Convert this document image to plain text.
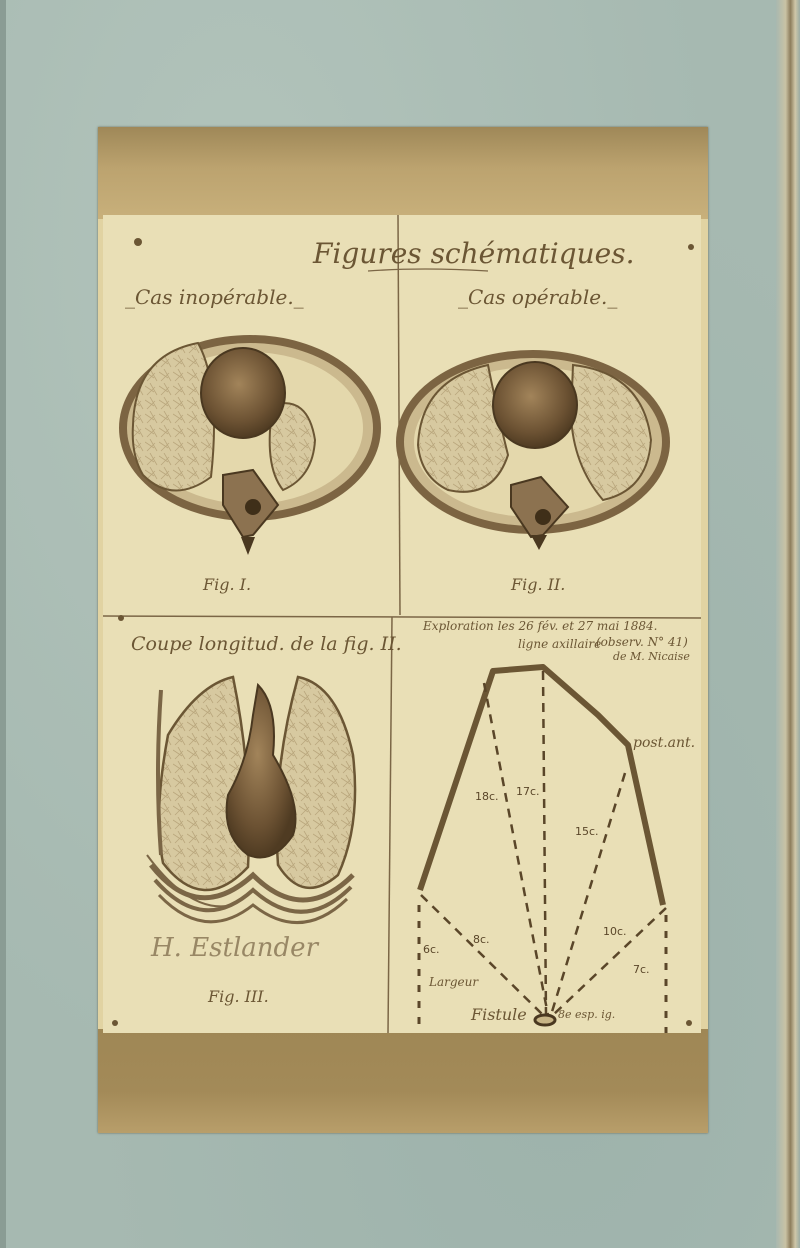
Figures schématiques.
_Cas inopérable._	_Cas opérable._
Fig. I.	Fig. II.
Coupe longitud. de la fig. II.
Fig. III.
H. Estlander
Exploration les 26 fév. et 27 mai 1884.
ligne axillaire
(observ. N° 41)
de M. Nicaise
post.ant.
18c. 17c.
15c.
8c.
10c.
6c.
7c.
Largeur
Fistule	8e esp. ig.
